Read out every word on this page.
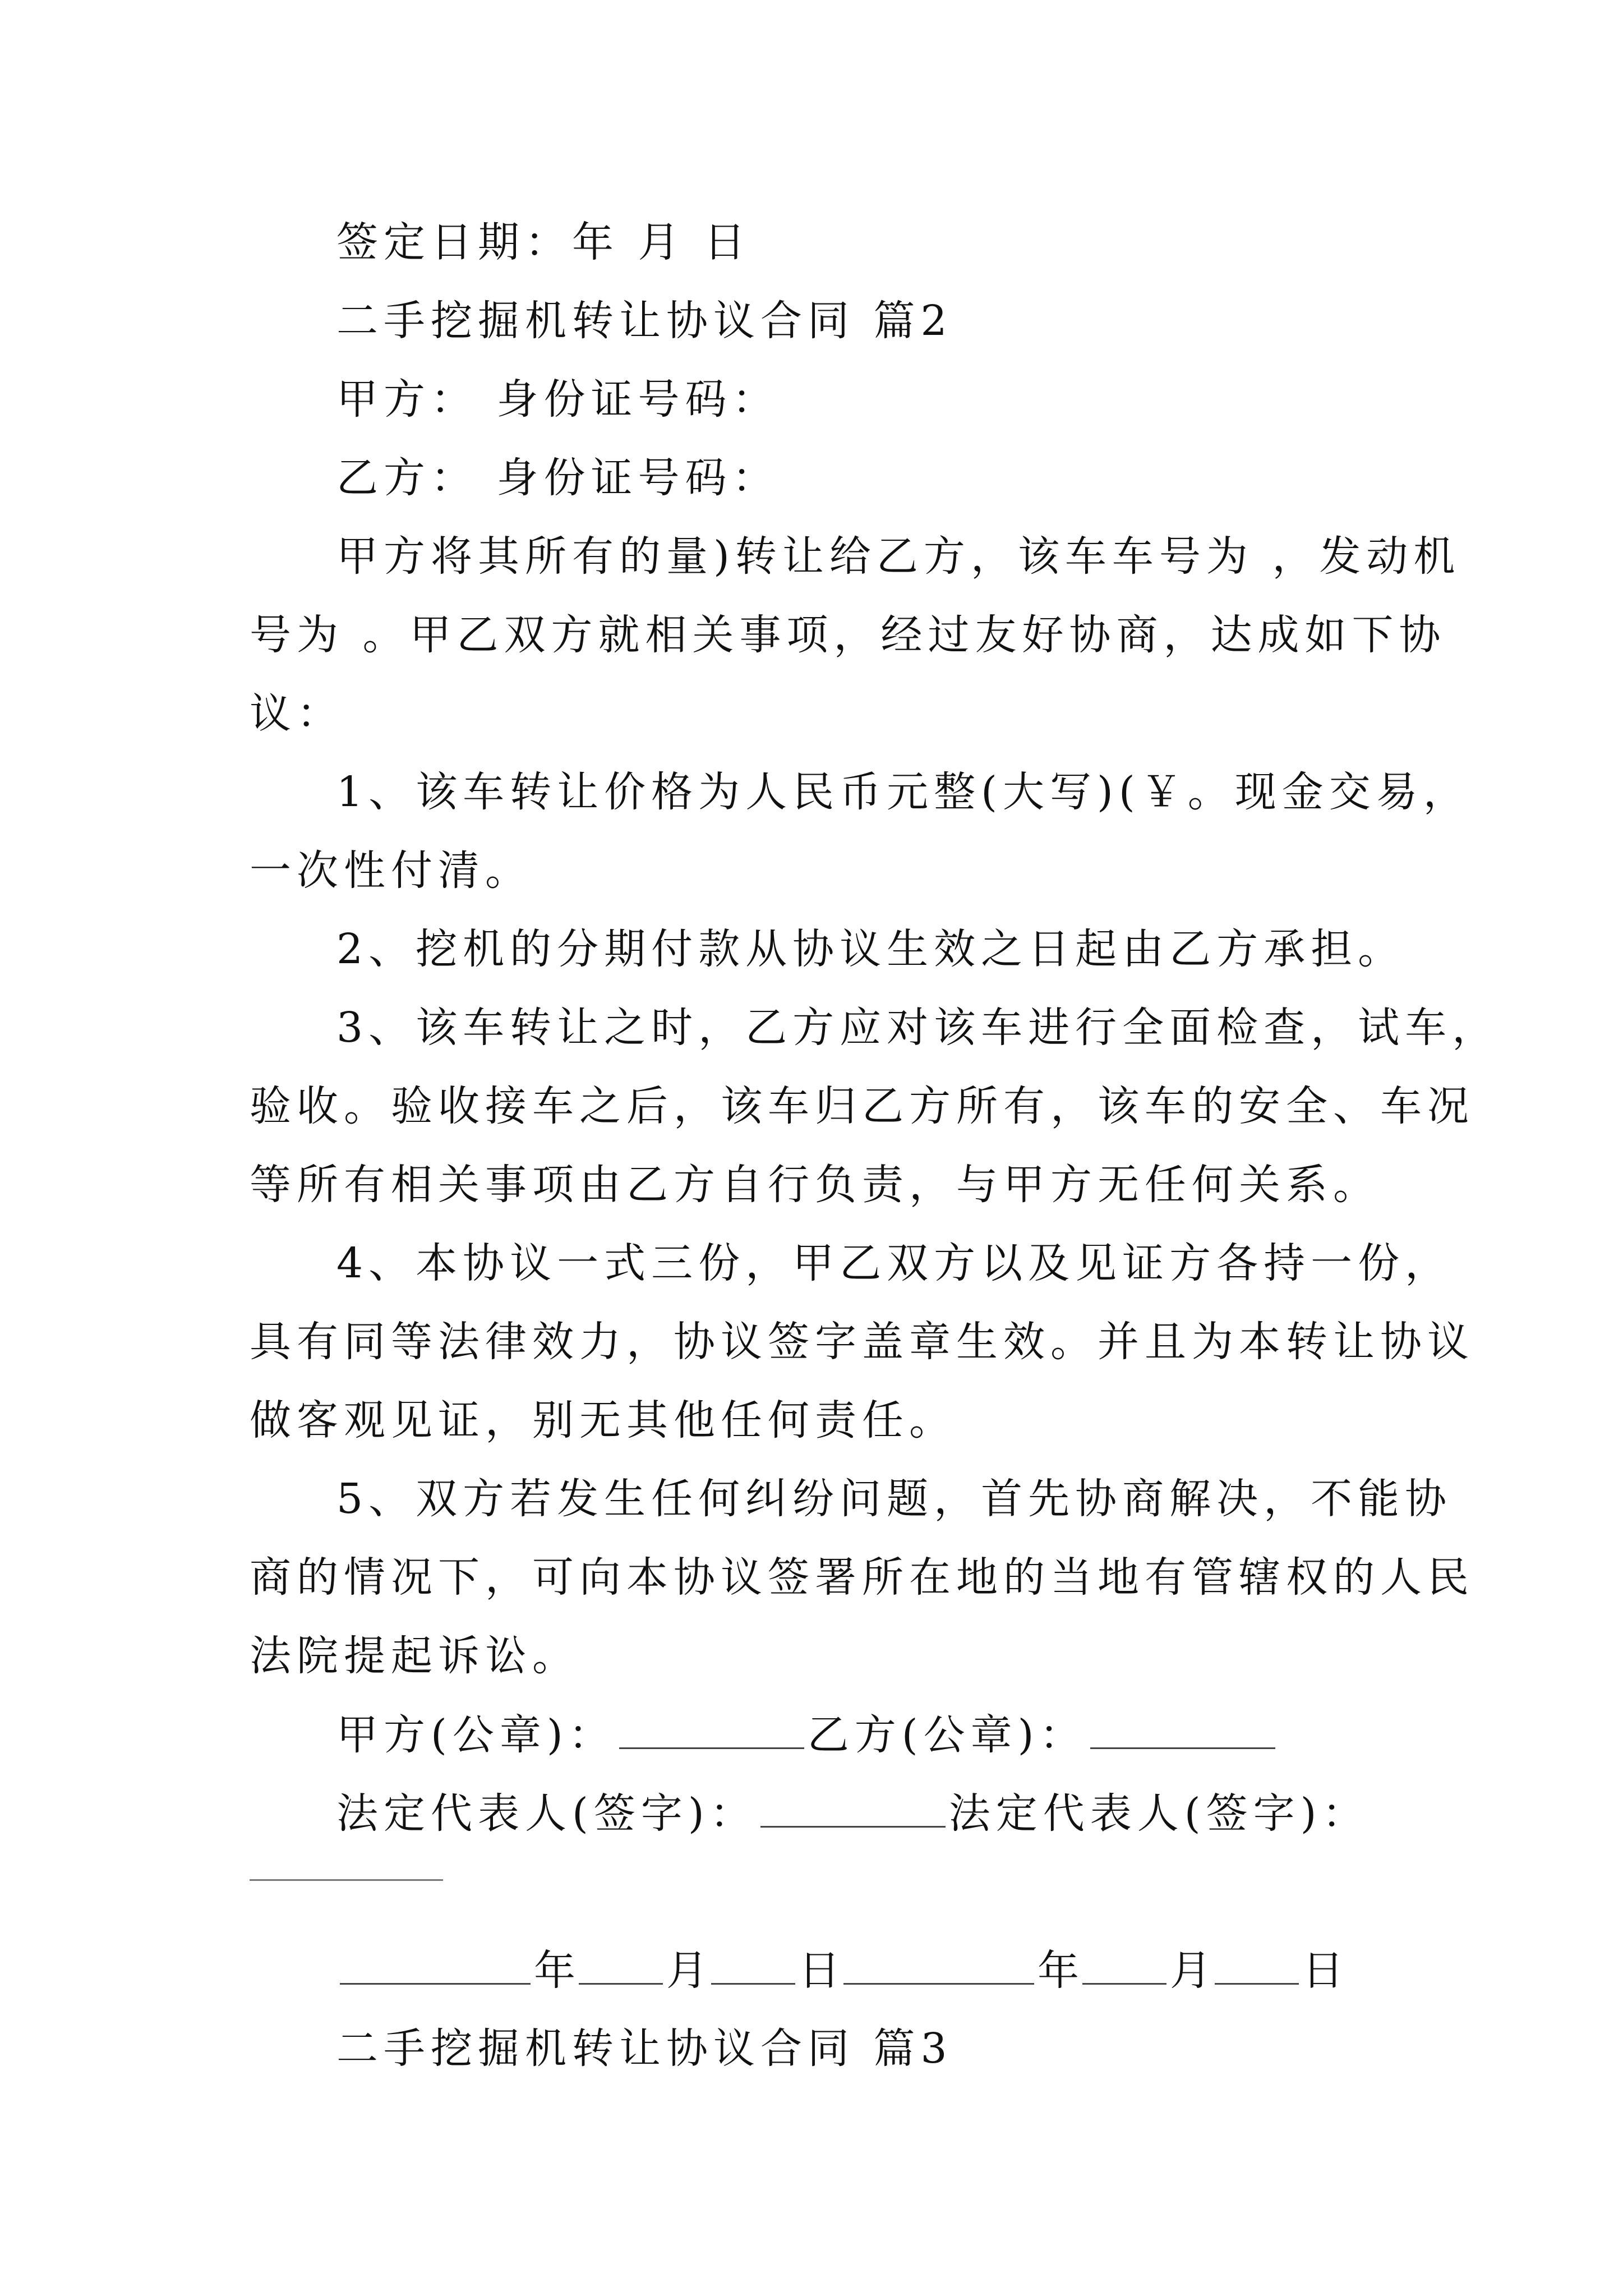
签定日期：年 月 日
二手挖掘机转让协议合同 篇2
甲方： 身份证号码：
乙方： 身份证号码：
甲方将其所有的量)转让给乙方，该车车号为 ，发动机
号为 。甲乙双方就相关事项，经过友好协商，达成如下协
议：
1、该车转让价格为人民币元整(大写)(￥。现金交易，
一次性付清。
2、挖机的分期付款从协议生效之日起由乙方承担。
3、该车转让之时，乙方应对该车进行全面检查，试车，
验收。验收接车之后，该车归乙方所有，该车的安全、车况
等所有相关事项由乙方自行负责，与甲方无任何关系。
4、本协议一式三份，甲乙双方以及见证方各持一份，
具有同等法律效力，协议签字盖章生效。并且为本转让协议
做客观见证，别无其他任何责任。
5、双方若发生任何纠纷问题，首先协商解决，不能协
商的情况下，可向本协议签署所在地的当地有管辖权的人民
法院提起诉讼。
甲方(公章)：	乙方(公章)：
法定代表人(签字)：	法定代表人(签字)：
年 月 日	年 月 日
二手挖掘机转让协议合同 篇3
